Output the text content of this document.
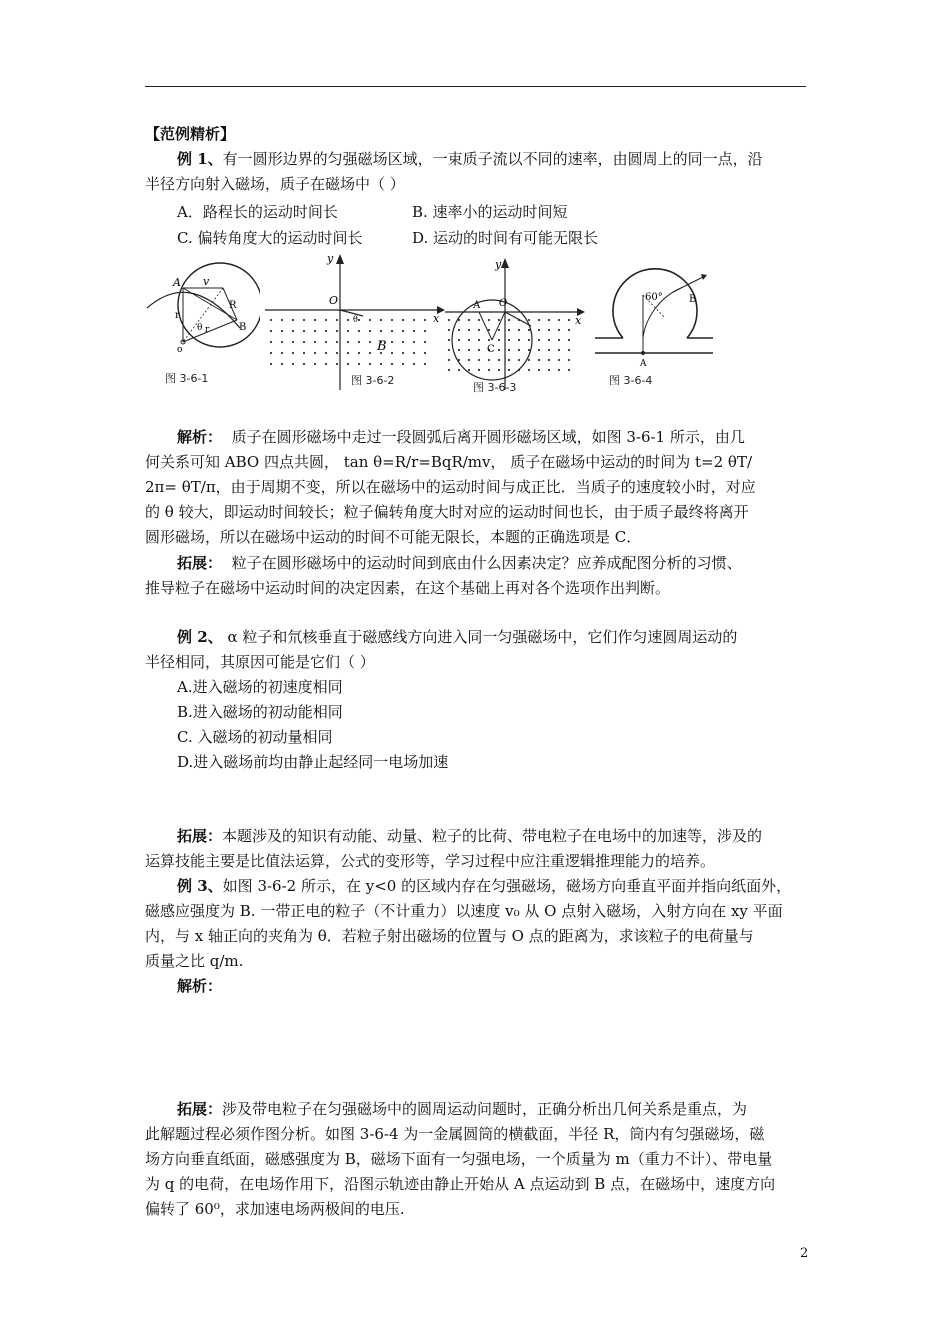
【范例精析】
例 1、有一圆形边界的匀强磁场区域，一束质子流以不同的速率，由圆周上的同一点，沿
半径方向射入磁场，质子在磁场中（ ）
A．路程长的运动时间长	B. 速率小的运动时间短
C. 偏转角度大的运动时间长	D. 运动的时间有可能无限长
A v
R
B
r
r
θ
o
图 3-6-1
y
O
x
B
θ
图 3-6-2
y
A O
x
C
图 3-6-3
60°	B
A
图 3-6-4
解析： 质子在圆形磁场中走过一段圆弧后离开圆形磁场区域，如图 3-6-1 所示，由几
何关系可知 ABO 四点共圆， tan θ=R/r=BqR/mv， 质子在磁场中运动的时间为 t=2 θT/
2π= θT/π，由于周期不变，所以在磁场中的运动时间与成正比．当质子的速度较小时，对应
的 θ 较大，即运动时间较长；粒子偏转角度大时对应的运动时间也长，由于质子最终将离开
圆形磁场，所以在磁场中运动的时间不可能无限长，本题的正确选项是 C．
拓展： 粒子在圆形磁场中的运动时间到底由什么因素决定？应养成配图分析的习惯、
推导粒子在磁场中运动时间的决定因素，在这个基础上再对各个选项作出判断。
例 2、 α 粒子和氘核垂直于磁感线方向进入同一匀强磁场中，它们作匀速圆周运动的
半径相同，其原因可能是它们（ ）
A.进入磁场的初速度相同
B.进入磁场的初动能相同
C. 入磁场的初动量相同
D.进入磁场前均由静止起经同一电场加速
拓展：本题涉及的知识有动能、动量、粒子的比荷、带电粒子在电场中的加速等，涉及的
运算技能主要是比值法运算，公式的变形等，学习过程中应注重逻辑推理能力的培养。
例 3、如图 3-6-2 所示，在 y<0 的区域内存在匀强磁场，磁场方向垂直平面并指向纸面外，
磁感应强度为 B. 一带正电的粒子（不计重力）以速度 v₀ 从 O 点射入磁场，入射方向在 xy 平面
内，与 x 轴正向的夹角为 θ．若粒子射出磁场的位置与 O 点的距离为，求该粒子的电荷量与
质量之比 q/m.
解析：
拓展：涉及带电粒子在匀强磁场中的圆周运动问题时，正确分析出几何关系是重点，为
此解题过程必须作图分析。如图 3-6-4 为一金属圆筒的横截面，半径 R，筒内有匀强磁场，磁
场方向垂直纸面，磁感强度为 B，磁场下面有一匀强电场，一个质量为 m（重力不计）、带电量
为 q 的电荷，在电场作用下，沿图示轨迹由静止开始从 A 点运动到 B 点，在磁场中，速度方向
偏转了 60⁰，求加速电场两极间的电压.
2
